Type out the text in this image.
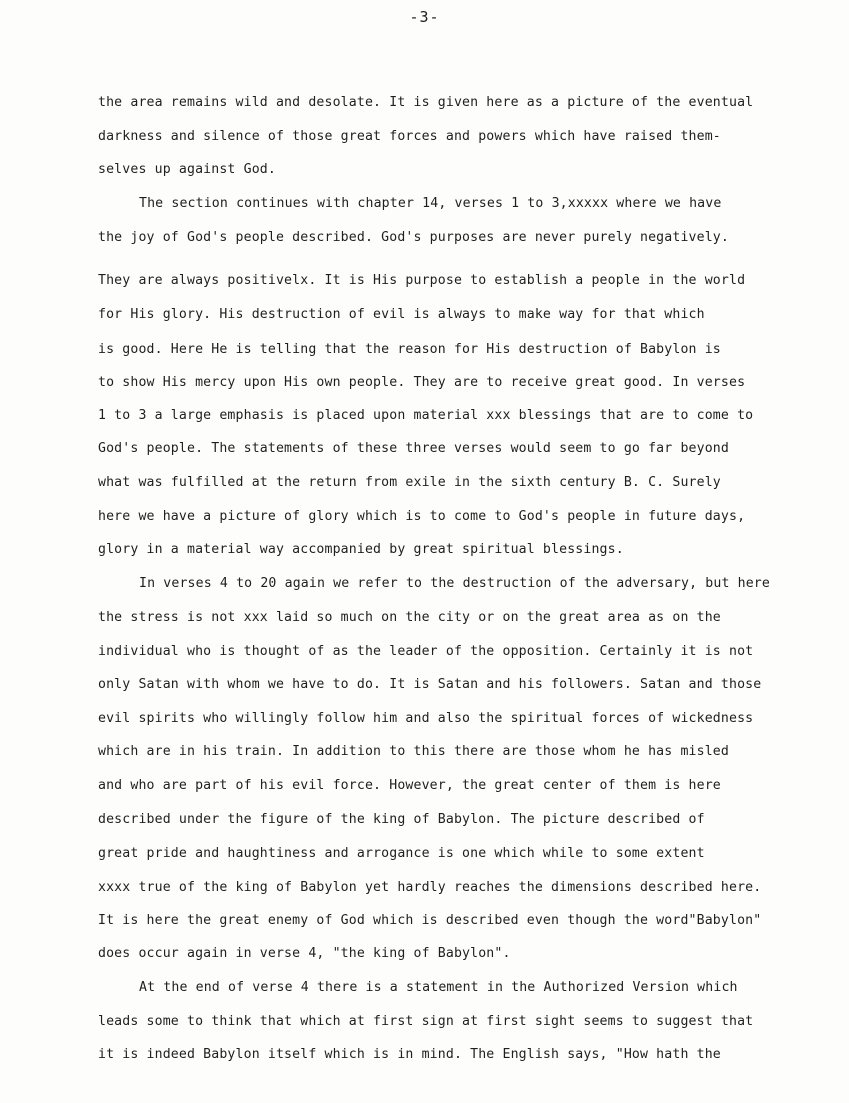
-3-
the area remains wild and desolate. It is given here as a picture of the eventual
darkness and silence of those great forces and powers which have raised them-
selves up against God.
The section continues with chapter 14, verses 1 to 3,xxxxx where we have
the joy of God's people described. God's purposes are never purely negatively.
They are always positivelx. It is His purpose to establish a people in the world
for His glory. His destruction of evil is always to make way for that which
is good. Here He is telling that the reason for His destruction of Babylon is
to show His mercy upon His own people. They are to receive great good. In verses
1 to 3 a large emphasis is placed upon material xxx blessings that are to come to
God's people. The statements of these three verses would seem to go far beyond
what was fulfilled at the return from exile in the sixth century B. C. Surely
here we have a picture of glory which is to come to God's people in future days,
glory in a material way accompanied by great spiritual blessings.
In verses 4 to 20 again we refer to the destruction of the adversary, but here
the stress is not xxx laid so much on the city or on the great area as on the
individual who is thought of as the leader of the opposition. Certainly it is not
only Satan with whom we have to do. It is Satan and his followers. Satan and those
evil spirits who willingly follow him and also the spiritual forces of wickedness
which are in his train. In addition to this there are those whom he has misled
and who are part of his evil force. However, the great center of them is here
described under the figure of the king of Babylon. The picture described of
great pride and haughtiness and arrogance is one which while to some extent
xxxx true of the king of Babylon yet hardly reaches the dimensions described here.
It is here the great enemy of God which is described even though the word"Babylon"
does occur again in verse 4, "the king of Babylon".
At the end of verse 4 there is a statement in the Authorized Version which
leads some to think that which at first sign at first sight seems to suggest that
it is indeed Babylon itself which is in mind. The English says, "How hath the
